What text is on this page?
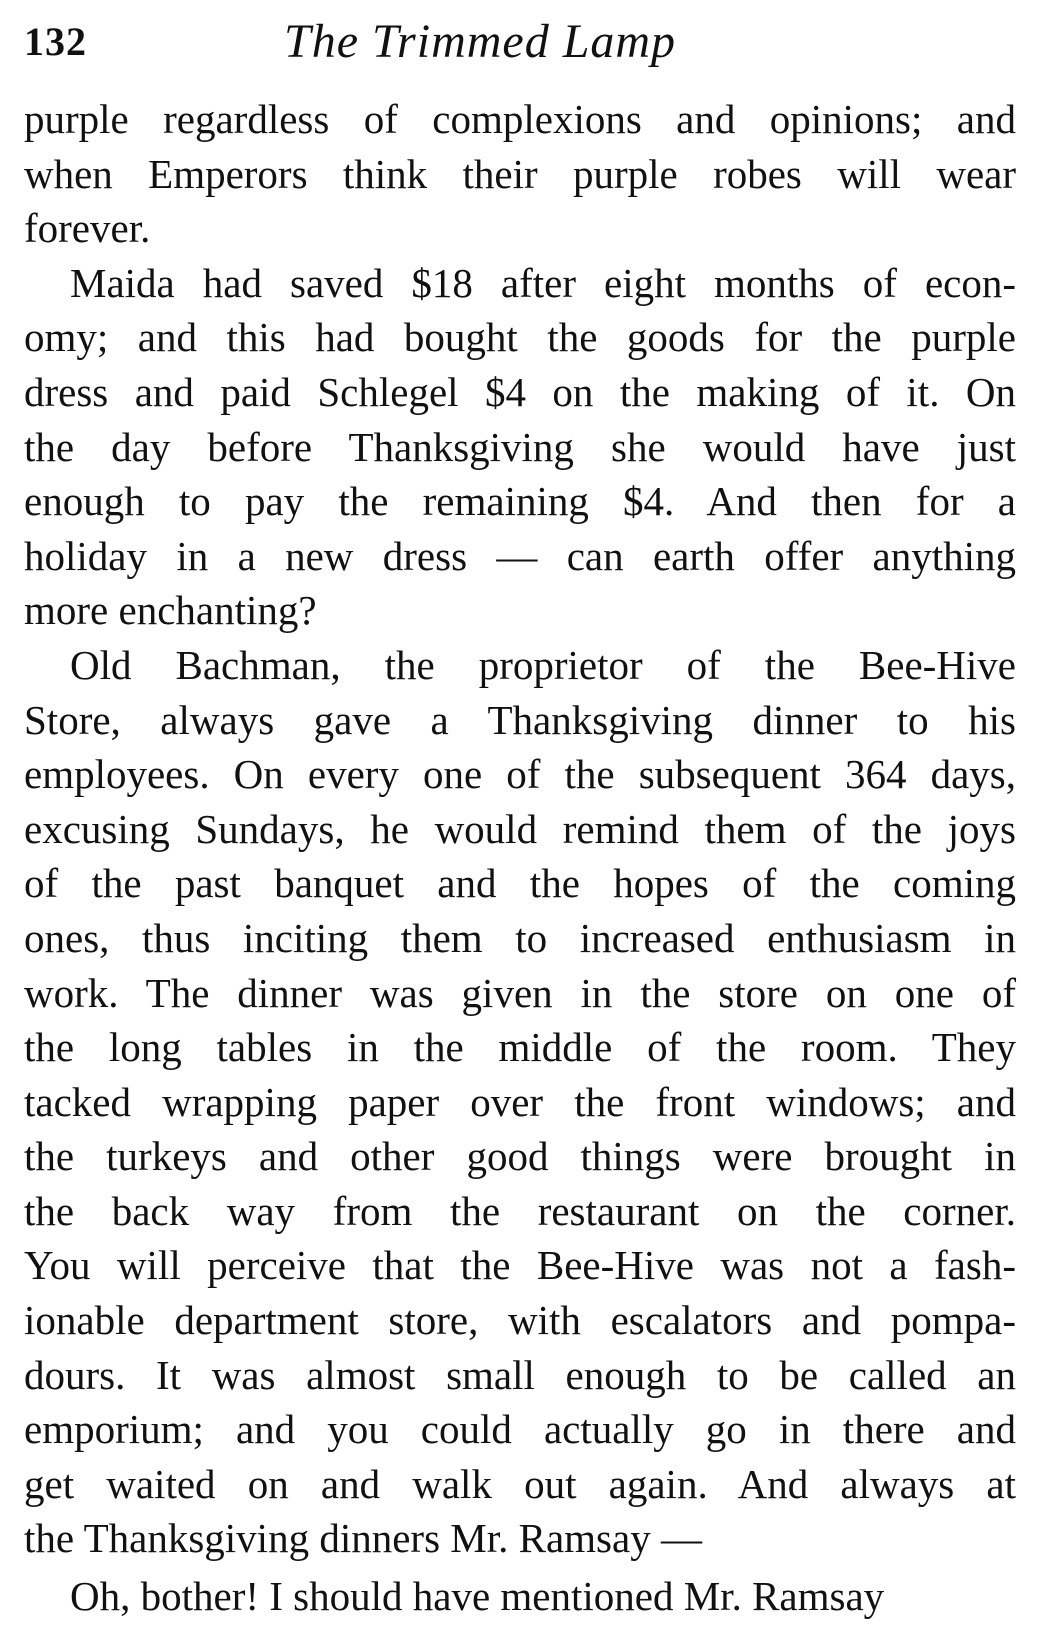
132	The Trimmed Lamp
purple regardless of complexions and opinions; and
when Emperors think their purple robes will wear
forever.
Maida had saved $18 after eight months of econ-
omy; and this had bought the goods for the purple
dress and paid Schlegel $4 on the making of it. On
the day before Thanksgiving she would have just
enough to pay the remaining $4. And then for a
holiday in a new dress — can earth offer anything
more enchanting?
Old Bachman, the proprietor of the Bee-Hive
Store, always gave a Thanksgiving dinner to his
employees. On every one of the subsequent 364 days,
excusing Sundays, he would remind them of the joys
of the past banquet and the hopes of the coming
ones, thus inciting them to increased enthusiasm in
work. The dinner was given in the store on one of
the long tables in the middle of the room. They
tacked wrapping paper over the front windows; and
the turkeys and other good things were brought in
the back way from the restaurant on the corner.
You will perceive that the Bee-Hive was not a fash-
ionable department store, with escalators and pompa-
dours. It was almost small enough to be called an
emporium; and you could actually go in there and
get waited on and walk out again. And always at
the Thanksgiving dinners Mr. Ramsay —
Oh, bother! I should have mentioned Mr. Ramsay
